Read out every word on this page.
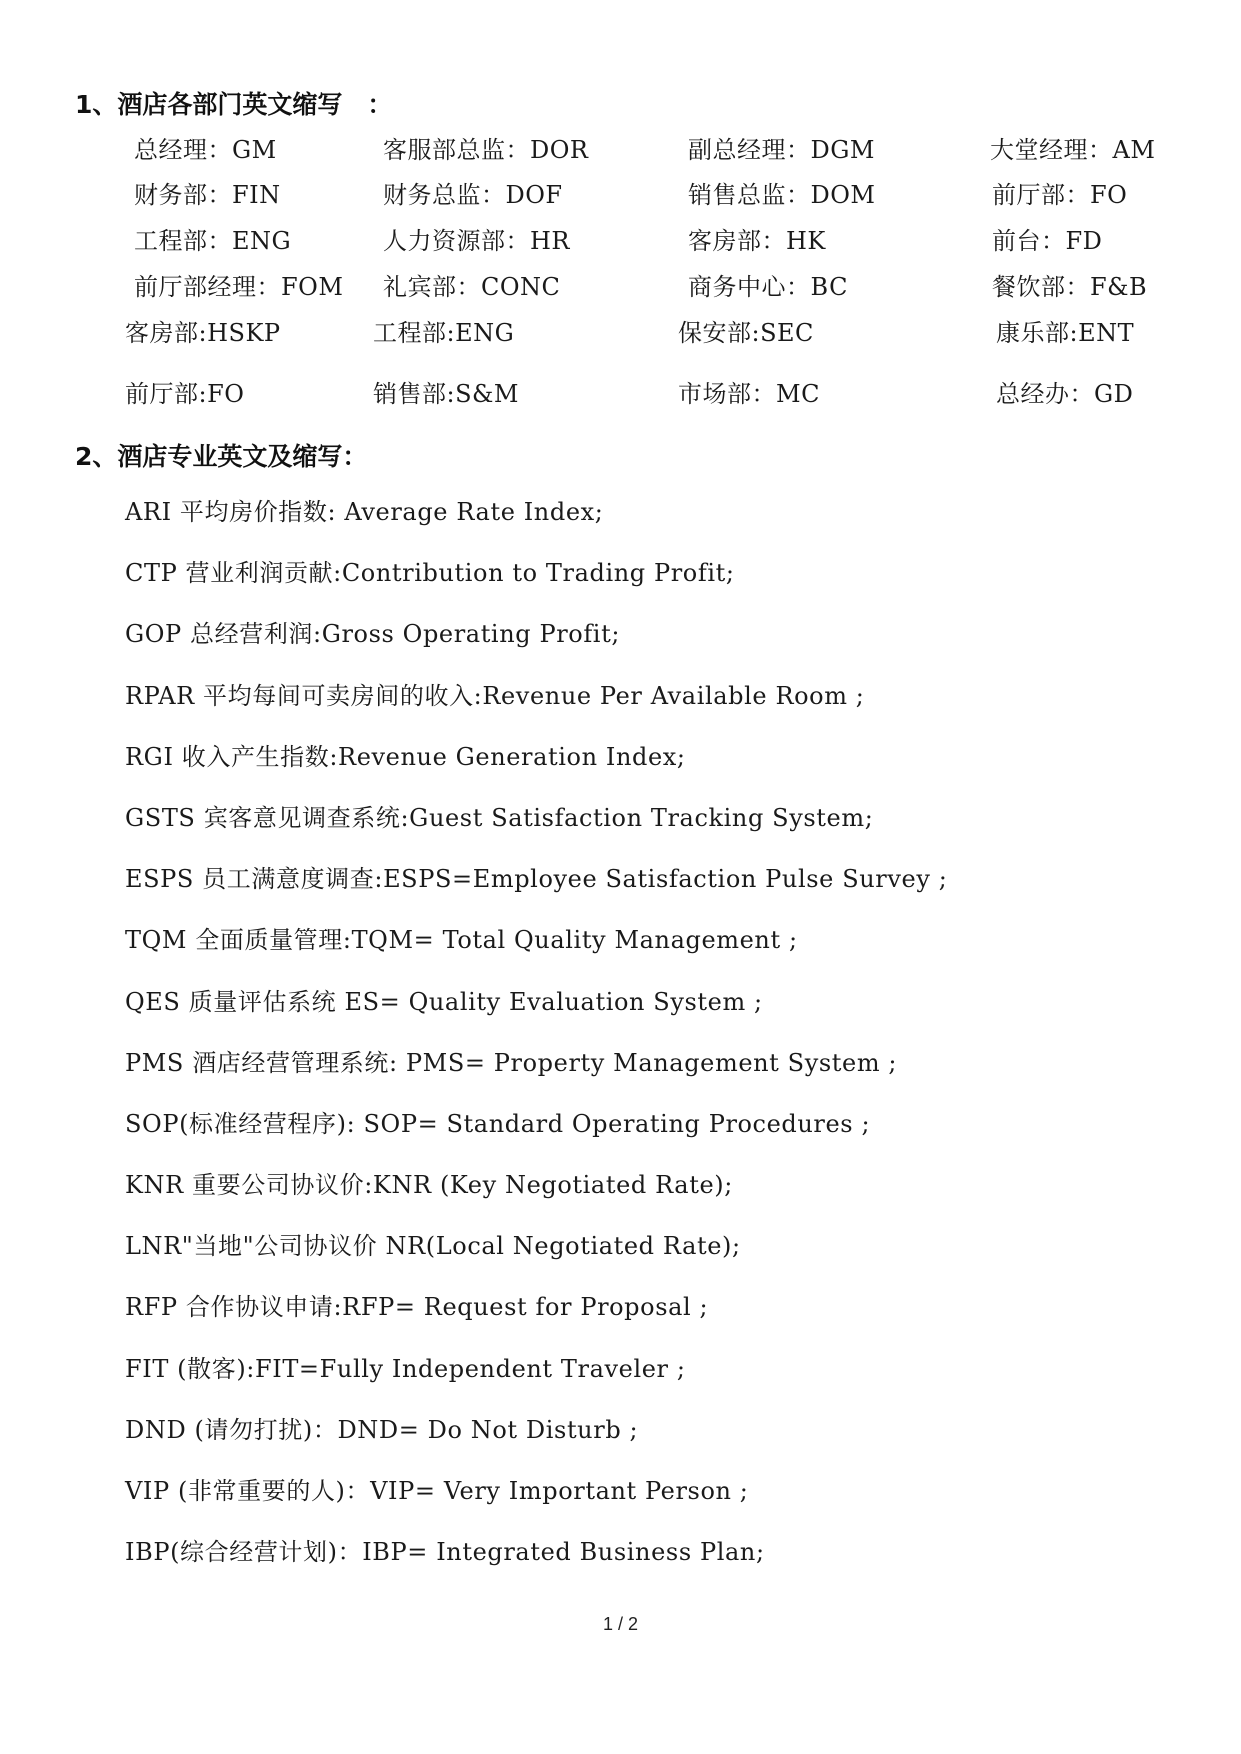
1、酒店各部门英文缩写　：
总经理：GM	客服部总监：DOR	副总经理：DGM	大堂经理：AM
财务部：FIN	财务总监：DOF	销售总监：DOM	前厅部：FO
工程部：ENG	人力资源部：HR	客房部：HK	前台：FD
前厅部经理：FOM 礼宾部：CONC	商务中心：BC	餐饮部：F&B
客房部:HSKP	工程部:ENG	保安部:SEC	康乐部:ENT
前厅部:FO	销售部:S&M	市场部：MC	总经办：GD
2、酒店专业英文及缩写：
ARI 平均房价指数: Average Rate Index;
CTP 营业利润贡献:Contribution to Trading Profit;
GOP 总经营利润:Gross Operating Profit;
RPAR 平均每间可卖房间的收入:Revenue Per Available Room ;
RGI 收入产生指数:Revenue Generation Index;
GSTS 宾客意见调查系统:Guest Satisfaction Tracking System;
ESPS 员工满意度调查:ESPS=Employee Satisfaction Pulse Survey ;
TQM 全面质量管理:TQM= Total Quality Management ;
QES 质量评估系统 ES= Quality Evaluation System ;
PMS 酒店经营管理系统: PMS= Property Management System ;
SOP(标准经营程序): SOP= Standard Operating Procedures ;
KNR 重要公司协议价:KNR (Key Negotiated Rate);
LNR"当地"公司协议价 NR(Local Negotiated Rate);
RFP 合作协议申请:RFP= Request for Proposal ;
FIT (散客):FIT=Fully Independent Traveler ;
DND (请勿打扰)：DND= Do Not Disturb ;
VIP (非常重要的人)：VIP= Very Important Person ;
IBP(综合经营计划)：IBP= Integrated Business Plan;
1 / 2
